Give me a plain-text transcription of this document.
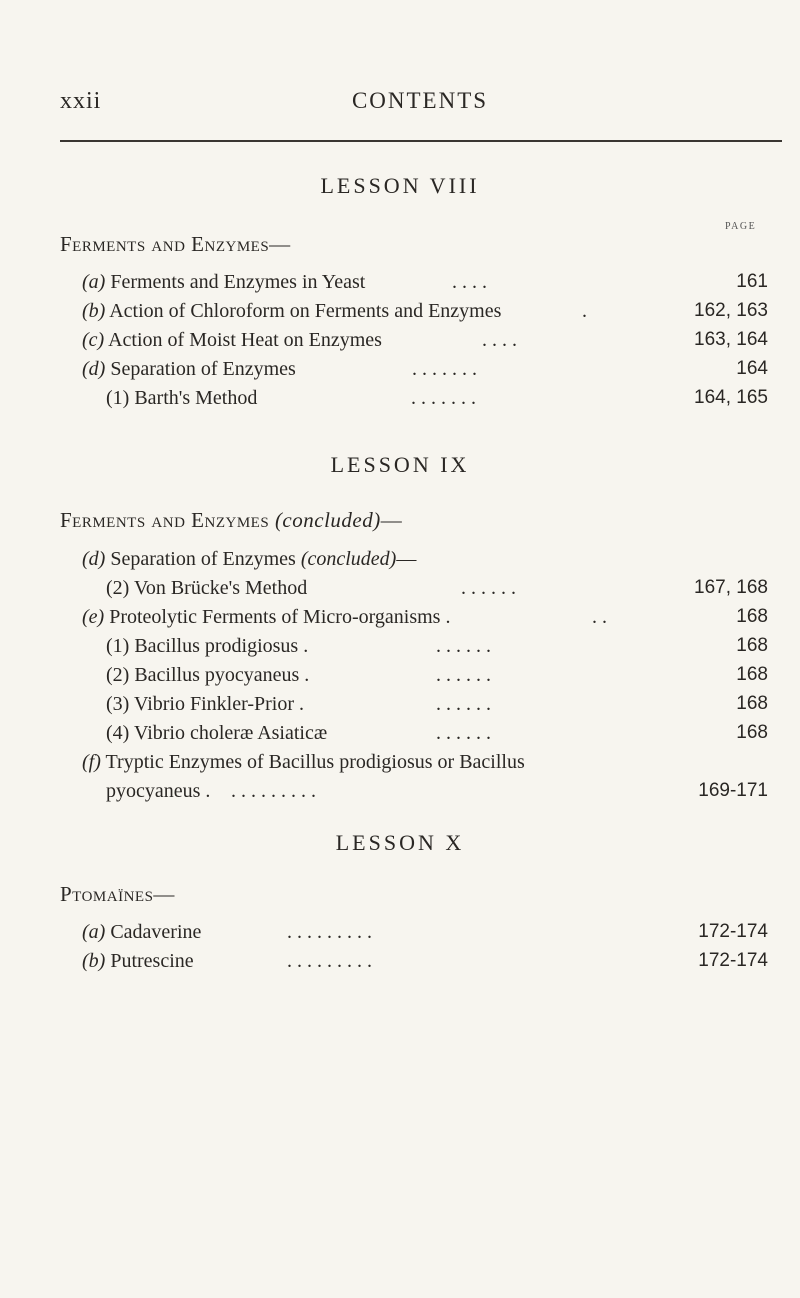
xxii	CONTENTS
LESSON VIII
PAGE
Ferments and Enzymes—
(a) Ferments and Enzymes in Yeast	. . . .	161
(b) Action of Chloroform on Ferments and Enzymes	.	162, 163
(c) Action of Moist Heat on Enzymes	. . . .	163, 164
(d) Separation of Enzymes	. . . . . . .	164
(1) Barth's Method	. . . . . . .	164, 165
LESSON IX
Ferments and Enzymes (concluded)—
(d) Separation of Enzymes (concluded)—
(2) Von Brücke's Method	. . . . . .	167, 168
(e) Proteolytic Ferments of Micro-organisms .	. .	168
(1) Bacillus prodigiosus .	. . . . . .	168
(2) Bacillus pyocyaneus .	. . . . . .	168
(3) Vibrio Finkler-Prior .	. . . . . .	168
(4) Vibrio choleræ Asiaticæ	. . . . . .	168
(f) Tryptic Enzymes of Bacillus prodigiosus or Bacillus
pyocyaneus . . . . . . . . . .	169-171
LESSON X
Ptomaïnes—
(a) Cadaverine	. . . . . . . . .	172-174
(b) Putrescine	. . . . . . . . .	172-174
